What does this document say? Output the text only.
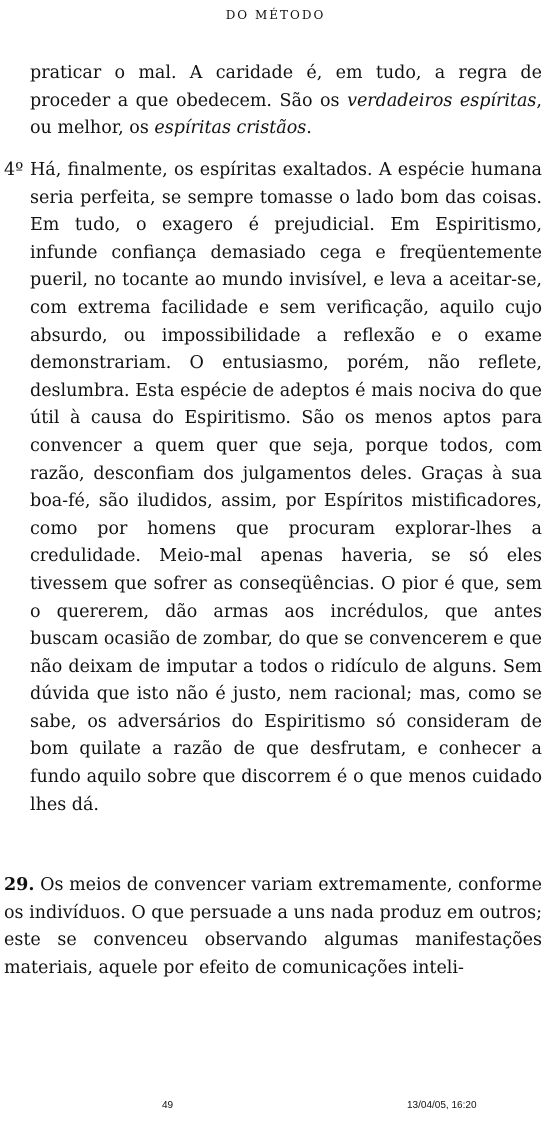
DO MÉTODO

praticar o mal. A caridade é, em tudo, a regra de proceder a que obedecem. São os verdadeiros espíritas, ou melhor, os espíritas cristãos.

4º Há, finalmente, os espíritas exaltados. A espécie humana seria perfeita, se sempre tomasse o lado bom das coisas. Em tudo, o exagero é prejudicial. Em Espiritismo, infunde confiança demasiado cega e freqüentemente pueril, no tocante ao mundo invisível, e leva a aceitar-se, com extrema facilidade e sem verificação, aquilo cujo absurdo, ou impossibilidade a reflexão e o exame demonstrariam. O entusiasmo, porém, não reflete, deslumbra. Esta espécie de adeptos é mais nociva do que útil à causa do Espiritismo. São os menos aptos para convencer a quem quer que seja, porque todos, com razão, desconfiam dos julgamentos deles. Graças à sua boa-fé, são iludidos, assim, por Espíritos mistificadores, como por homens que procuram explorar-lhes a credulidade. Meio-mal apenas haveria, se só eles tivessem que sofrer as conseqüências. O pior é que, sem o quererem, dão armas aos incrédulos, que antes buscam ocasião de zombar, do que se convencerem e que não deixam de imputar a todos o ridículo de alguns. Sem dúvida que isto não é justo, nem racional; mas, como se sabe, os adversários do Espiritismo só consideram de bom quilate a razão de que desfrutam, e conhecer a fundo aquilo sobre que discorrem é o que menos cuidado lhes dá.

29. Os meios de convencer variam extremamente, conforme os indivíduos. O que persuade a uns nada produz em outros; este se convenceu observando algumas manifestações materiais, aquele por efeito de comunicações inteli-

49	13/04/05, 16:20
